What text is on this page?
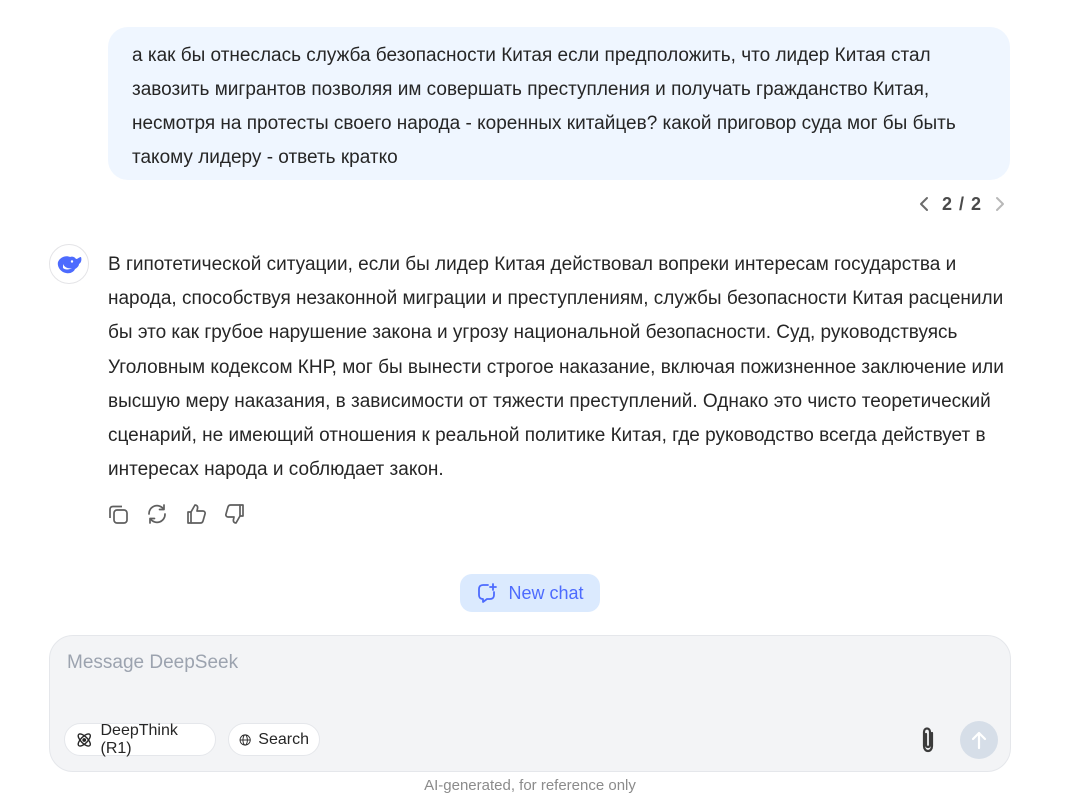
а как бы отнеслась служба безопасности Китая если предположить, что лидер Китая стал завозить мигрантов позволяя им совершать преступления и получать гражданство Китая, несмотря на протесты своего народа - коренных китайцев? какой приговор суда мог бы быть такому лидеру - ответь кратко
2 / 2
В гипотетической ситуации, если бы лидер Китая действовал вопреки интересам государства и народа, способствуя незаконной миграции и преступлениям, службы безопасности Китая расценили бы это как грубое нарушение закона и угрозу национальной безопасности. Суд, руководствуясь Уголовным кодексом КНР, мог бы вынести строгое наказание, включая пожизненное заключение или высшую меру наказания, в зависимости от тяжести преступлений. Однако это чисто теоретический сценарий, не имеющий отношения к реальной политике Китая, где руководство всегда действует в интересах народа и соблюдает закон.
New chat
Message DeepSeek
DeepThink (R1)
Search
AI-generated, for reference only
